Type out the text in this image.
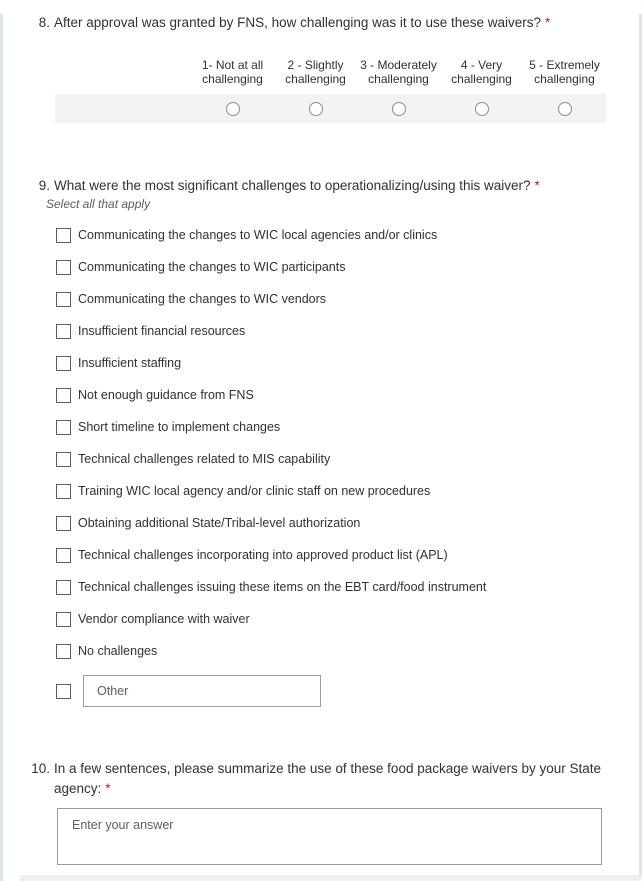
8. After approval was granted by FNS, how challenging was it to use these waivers? *
1- Not at all
challenging
2 - Slightly
challenging
3 - Moderately
challenging
4 - Very
challenging
5 - Extremely
challenging
9. What were the most significant challenges to operationalizing/using this waiver? *
Select all that apply
Communicating the changes to WIC local agencies and/or clinics
Communicating the changes to WIC participants
Communicating the changes to WIC vendors
Insufficient financial resources
Insufficient staffing
Not enough guidance from FNS
Short timeline to implement changes
Technical challenges related to MIS capability
Training WIC local agency and/or clinic staff on new procedures
Obtaining additional State/Tribal-level authorization
Technical challenges incorporating into approved product list (APL)
Technical challenges issuing these items on the EBT card/food instrument
Vendor compliance with waiver
No challenges
Other
10. In a few sentences, please summarize the use of these food package waivers by your State
agency: *
Enter your answer
